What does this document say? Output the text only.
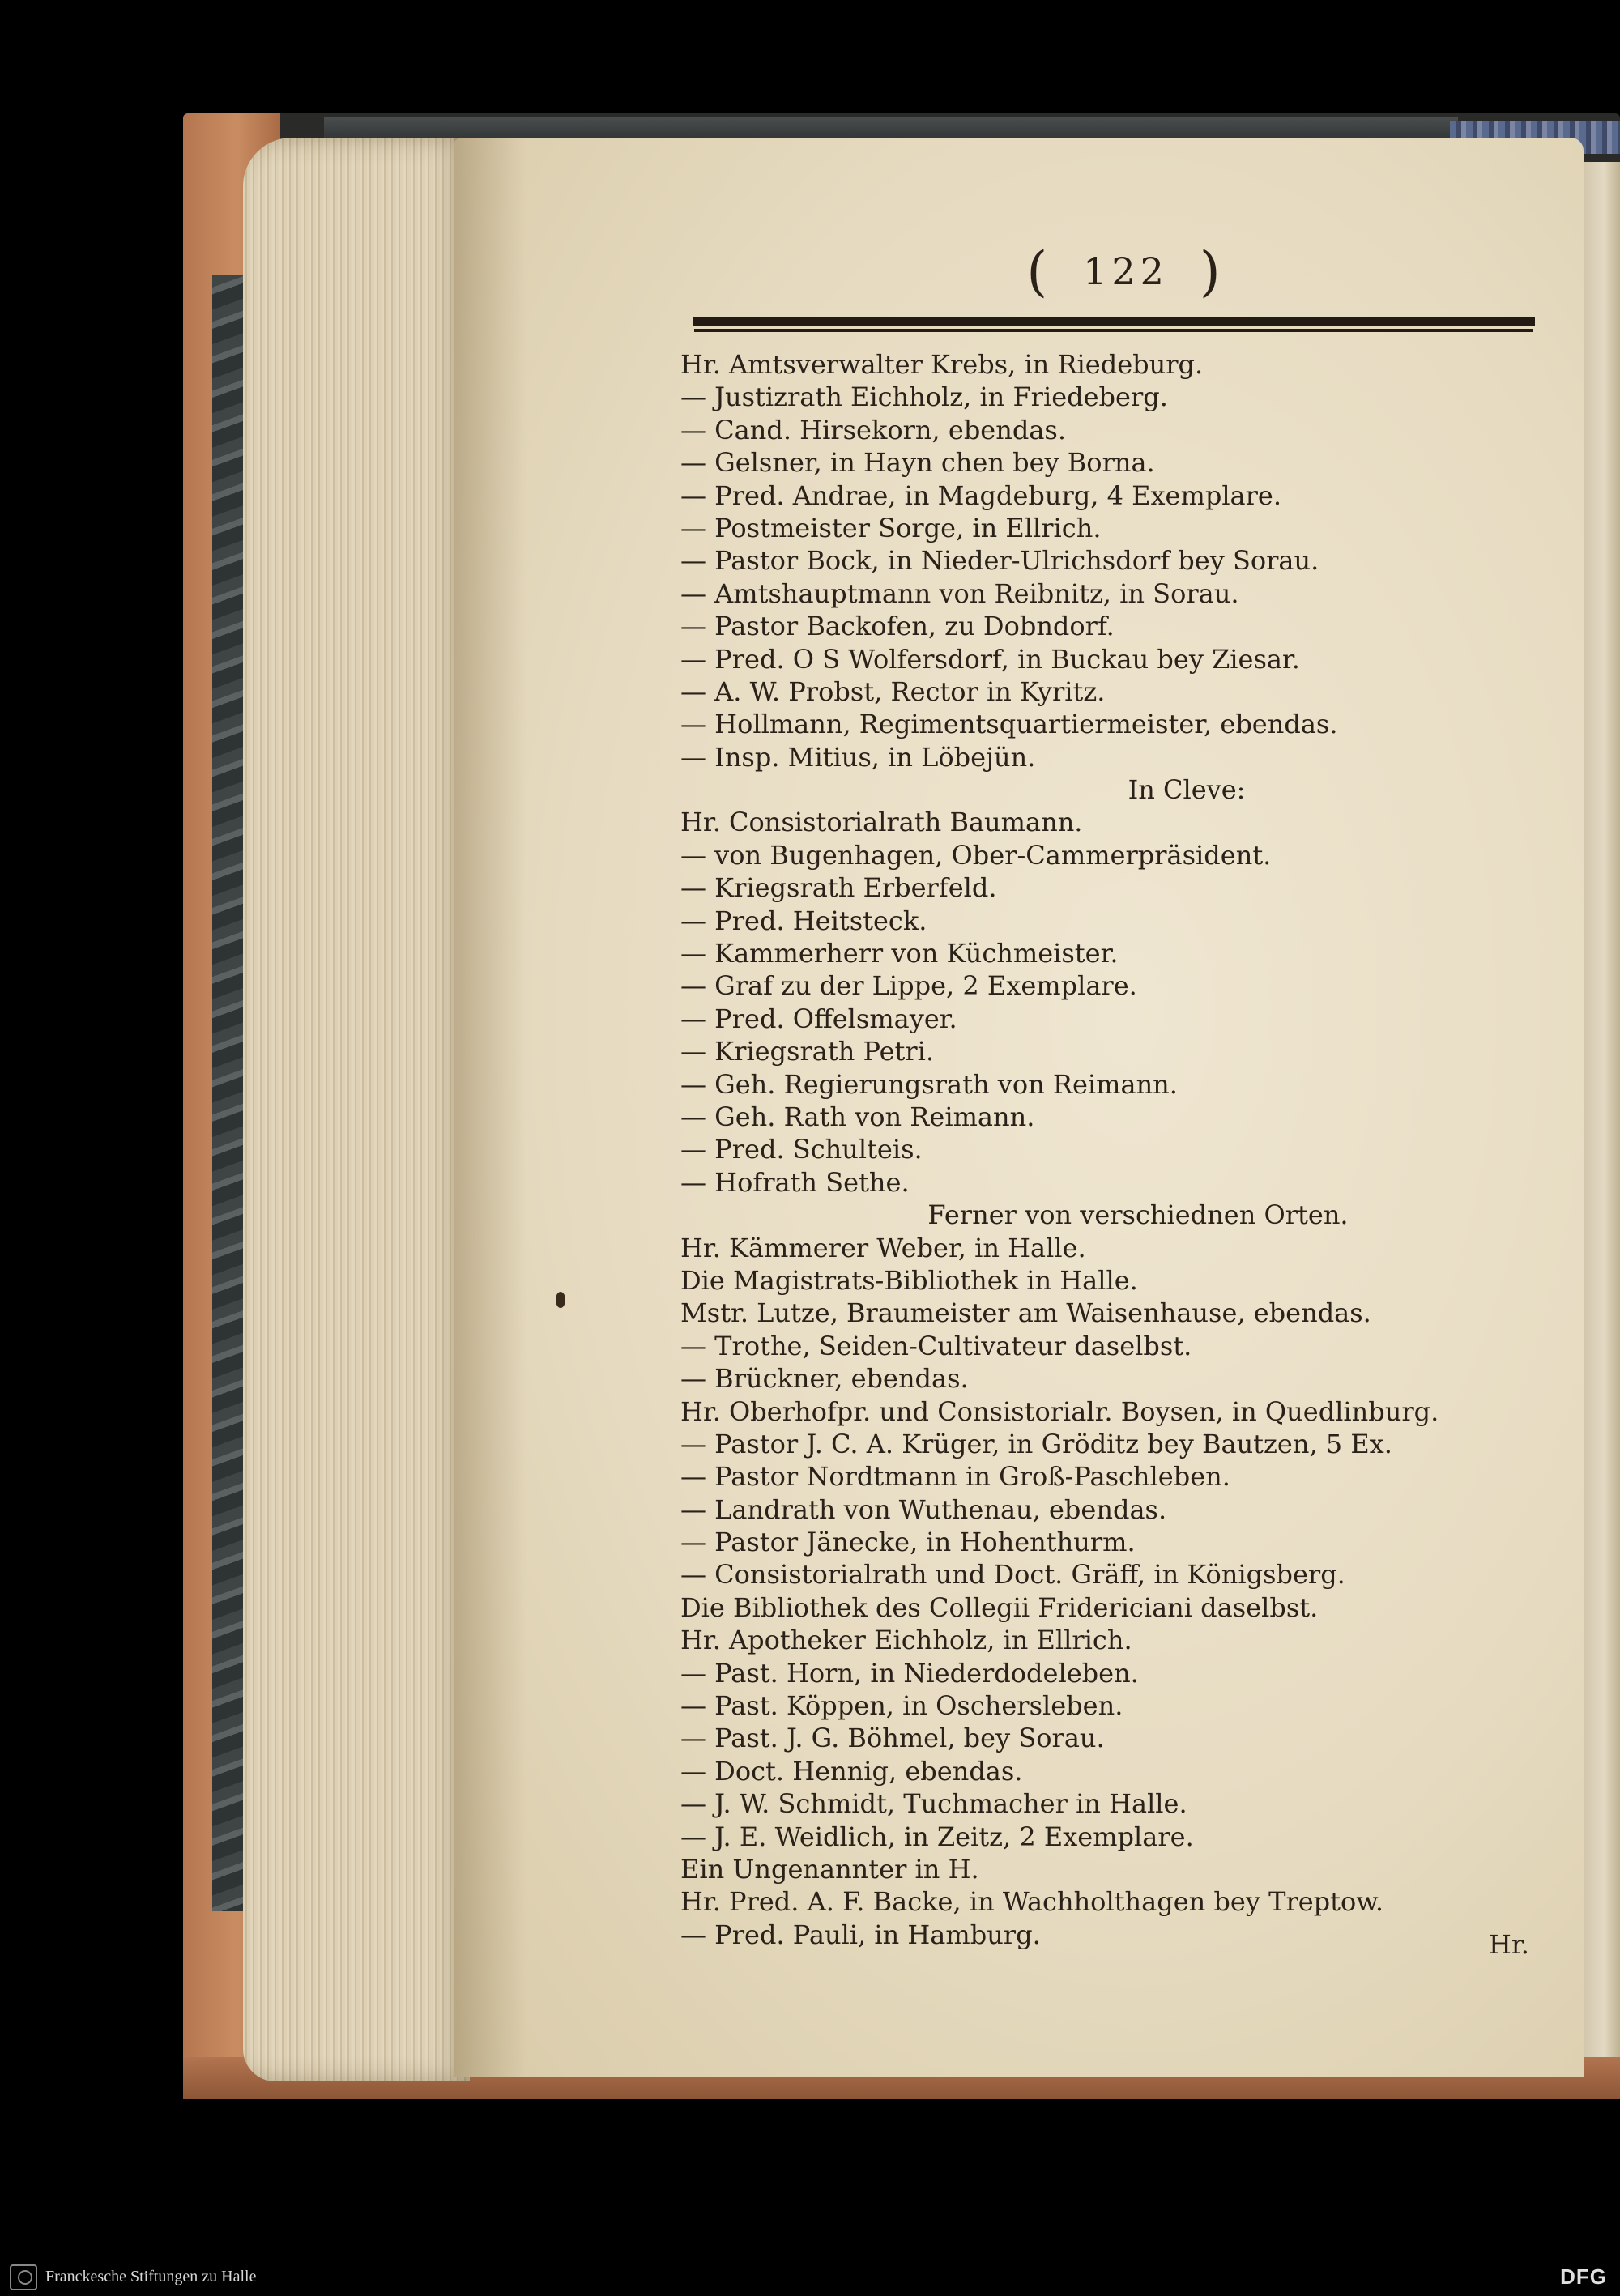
( 122 )
Hr. Amtsverwalter Krebs, in Riedeburg.
— Justizrath Eichholz, in Friedeberg.
— Cand. Hirsekorn, ebendas.
— Gelsner, in Hayn chen bey Borna.
— Pred. Andrae, in Magdeburg, 4 Exemplare.
— Postmeister Sorge, in Ellrich.
— Pastor Bock, in Nieder-Ulrichsdorf bey Sorau.
— Amtshauptmann von Reibnitz, in Sorau.
— Pastor Backofen, zu Dobndorf.
— Pred. O S Wolfersdorf, in Buckau bey Ziesar.
— A. W. Probst, Rector in Kyritz.
— Hollmann, Regimentsquartiermeister, ebendas.
— Insp. Mitius, in Löbejün.
In Cleve:
Hr. Consistorialrath Baumann.
— von Bugenhagen, Ober-Cammerpräsident.
— Kriegsrath Erberfeld.
— Pred. Heitsteck.
— Kammerherr von Küchmeister.
— Graf zu der Lippe, 2 Exemplare.
— Pred. Offelsmayer.
— Kriegsrath Petri.
— Geh. Regierungsrath von Reimann.
— Geh. Rath von Reimann.
— Pred. Schulteis.
— Hofrath Sethe.
Ferner von verschiednen Orten.
Hr. Kämmerer Weber, in Halle.
Die Magistrats-Bibliothek in Halle.
Mstr. Lutze, Braumeister am Waisenhause, ebendas.
— Trothe, Seiden-Cultivateur daselbst.
— Brückner, ebendas.
Hr. Oberhofpr. und Consistorialr. Boysen, in Quedlinburg.
— Pastor J. C. A. Krüger, in Gröditz bey Bautzen, 5 Ex.
— Pastor Nordtmann in Groß-Paschleben.
— Landrath von Wuthenau, ebendas.
— Pastor Jänecke, in Hohenthurm.
— Consistorialrath und Doct. Gräff, in Königsberg.
Die Bibliothek des Collegii Fridericiani daselbst.
Hr. Apotheker Eichholz, in Ellrich.
— Past. Horn, in Niederdodeleben.
— Past. Köppen, in Oschersleben.
— Past. J. G. Böhmel, bey Sorau.
— Doct. Hennig, ebendas.
— J. W. Schmidt, Tuchmacher in Halle.
— J. E. Weidlich, in Zeitz, 2 Exemplare.
Ein Ungenannter in H.
Hr. Pred. A. F. Backe, in Wachholthagen bey Treptow.
— Pred. Pauli, in Hamburg.	Hr.
Franckesche Stiftungen zu Halle	DFG
